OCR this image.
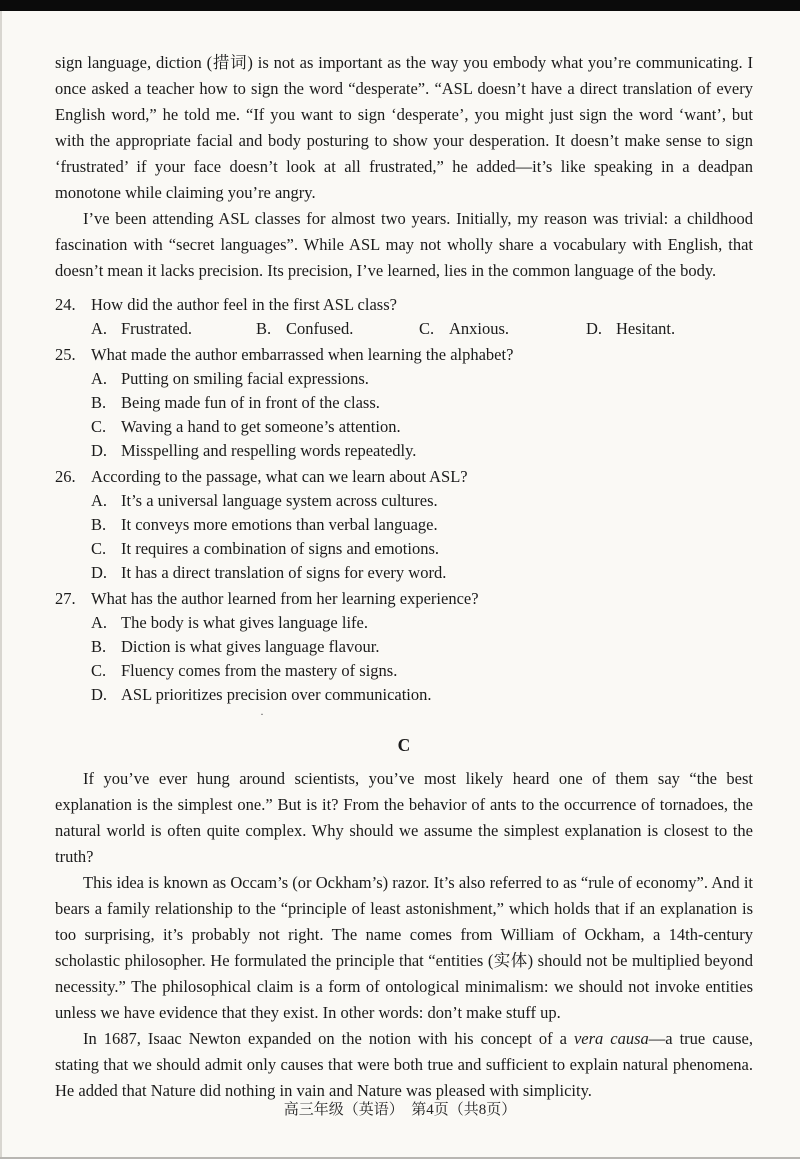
sign language, diction (措词) is not as important as the way you embody what you’re communicating. I once asked a teacher how to sign the word “desperate”. “ASL doesn’t have a direct translation of every English word,” he told me. “If you want to sign ‘desperate’, you might just sign the word ‘want’, but with the appropriate facial and body posturing to show your desperation. It doesn’t make sense to sign ‘frustrated’ if your face doesn’t look at all frustrated,” he added—it’s like speaking in a deadpan monotone while claiming you’re angry.

I’ve been attending ASL classes for almost two years. Initially, my reason was trivial: a childhood fascination with “secret languages”. While ASL may not wholly share a vocabulary with English, that doesn’t mean it lacks precision. Its precision, I’ve learned, lies in the common language of the body.

24. How did the author feel in the first ASL class?
A. Frustrated.	B. Confused.	C. Anxious.	D. Hesitant.
25. What made the author embarrassed when learning the alphabet?
A. Putting on smiling facial expressions.
B. Being made fun of in front of the class.
C. Waving a hand to get someone’s attention.
D. Misspelling and respelling words repeatedly.
26. According to the passage, what can we learn about ASL?
A. It’s a universal language system across cultures.
B. It conveys more emotions than verbal language.
C. It requires a combination of signs and emotions.
D. It has a direct translation of signs for every word.
27. What has the author learned from her learning experience?
A. The body is what gives language life.
B. Diction is what gives language flavour.
C. Fluency comes from the mastery of signs.
D. ASL prioritizes precision over communication.
·
C

If you’ve ever hung around scientists, you’ve most likely heard one of them say “the best explanation is the simplest one.” But is it? From the behavior of ants to the occurrence of tornadoes, the natural world is often quite complex. Why should we assume the simplest explanation is closest to the truth?

This idea is known as Occam’s (or Ockham’s) razor. It’s also referred to as “rule of economy”. And it bears a family relationship to the “principle of least astonishment,” which holds that if an explanation is too surprising, it’s probably not right. The name comes from William of Ockham, a 14th-century scholastic philosopher. He formulated the principle that “entities (实体) should not be multiplied beyond necessity.” The philosophical claim is a form of ontological minimalism: we should not invoke entities unless we have evidence that they exist. In other words: don’t make stuff up.

In 1687, Isaac Newton expanded on the notion with his concept of a vera causa—a true cause, stating that we should admit only causes that were both true and sufficient to explain natural phenomena. He added that Nature did nothing in vain and Nature was pleased with simplicity.

高三年级（英语）  第4页（共8页）
